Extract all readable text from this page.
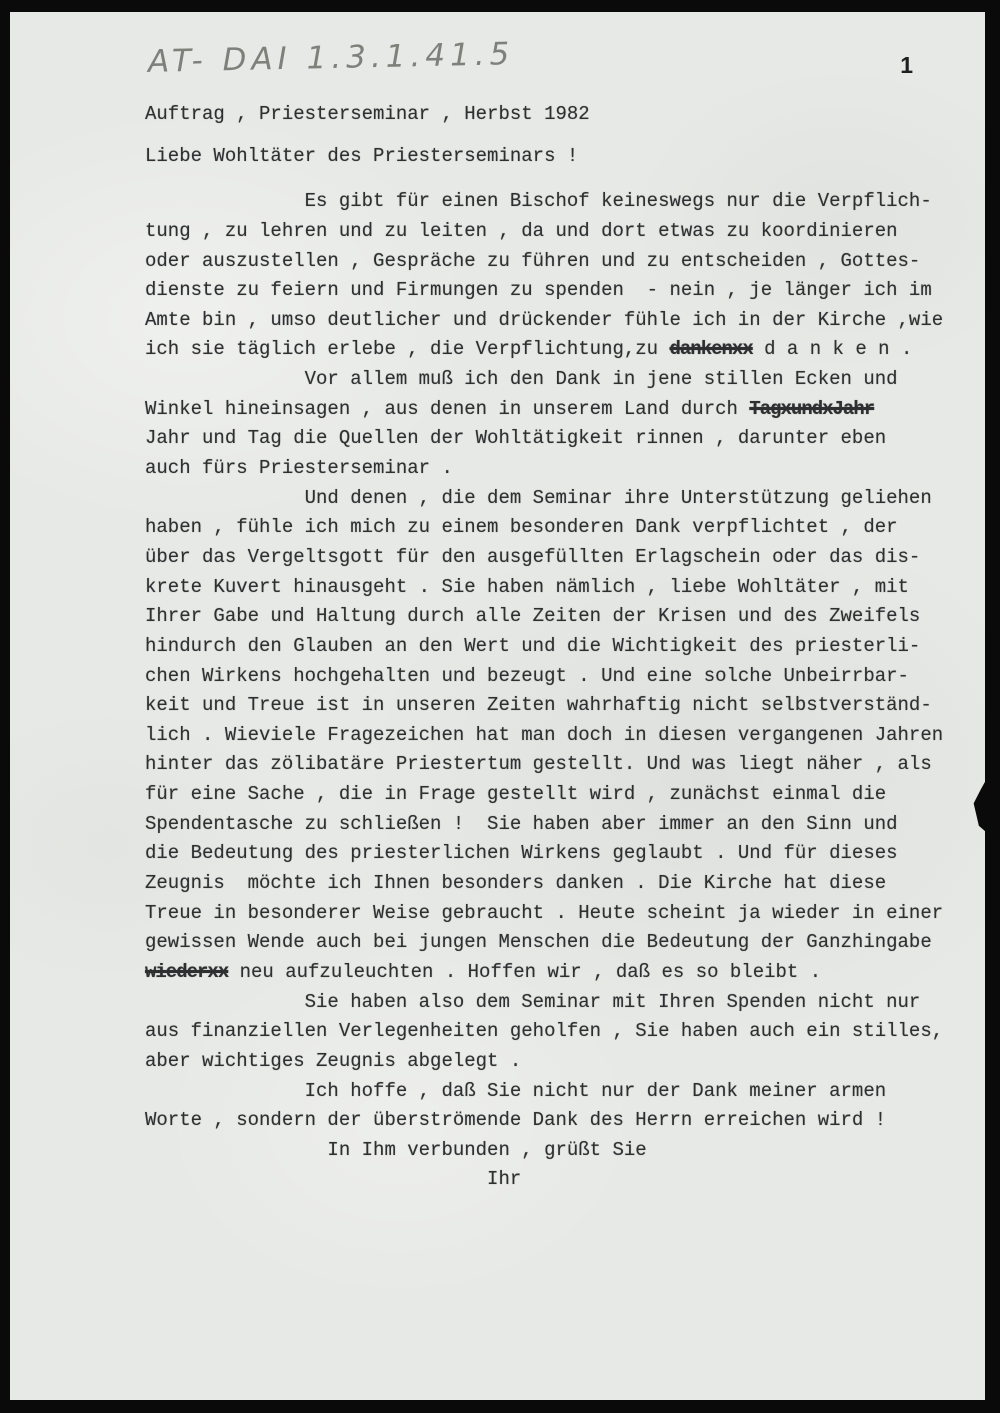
AT- DAI 1.3.1.41.5	1
Auftrag , Priesterseminar , Herbst 1982
Liebe Wohltäter des Priesterseminars !
Es gibt für einen Bischof keineswegs nur die Verpflich-
tung , zu lehren und zu leiten , da und dort etwas zu koordinieren
oder auszustellen , Gespräche zu führen und zu entscheiden , Gottes-
dienste zu feiern und Firmungen zu spenden  - nein , je länger ich im
Amte bin , umso deutlicher und drückender fühle ich in der Kirche ,wie
ich sie täglich erlebe , die Verpflichtung,zu dankenxx d a n k e n .
Vor allem muß ich den Dank in jene stillen Ecken und
Winkel hineinsagen , aus denen in unserem Land durch TagxundxJahr
Jahr und Tag die Quellen der Wohltätigkeit rinnen , darunter eben
auch fürs Priesterseminar .
Und denen , die dem Seminar ihre Unterstützung geliehen
haben , fühle ich mich zu einem besonderen Dank verpflichtet , der
über das Vergeltsgott für den ausgefüllten Erlagschein oder das dis-
krete Kuvert hinausgeht . Sie haben nämlich , liebe Wohltäter , mit
Ihrer Gabe und Haltung durch alle Zeiten der Krisen und des Zweifels
hindurch den Glauben an den Wert und die Wichtigkeit des priesterli-
chen Wirkens hochgehalten und bezeugt . Und eine solche Unbeirrbar-
keit und Treue ist in unseren Zeiten wahrhaftig nicht selbstverständ-
lich . Wieviele Fragezeichen hat man doch in diesen vergangenen Jahren
hinter das zölibatäre Priestertum gestellt. Und was liegt näher , als
für eine Sache , die in Frage gestellt wird , zunächst einmal die
Spendentasche zu schließen !  Sie haben aber immer an den Sinn und
die Bedeutung des priesterlichen Wirkens geglaubt . Und für dieses
Zeugnis  möchte ich Ihnen besonders danken . Die Kirche hat diese
Treue in besonderer Weise gebraucht . Heute scheint ja wieder in einer
gewissen Wende auch bei jungen Menschen die Bedeutung der Ganzhingabe
wiederxx neu aufzuleuchten . Hoffen wir , daß es so bleibt .
Sie haben also dem Seminar mit Ihren Spenden nicht nur
aus finanziellen Verlegenheiten geholfen , Sie haben auch ein stilles,
aber wichtiges Zeugnis abgelegt .
Ich hoffe , daß Sie nicht nur der Dank meiner armen
Worte , sondern der überströmende Dank des Herrn erreichen wird !
In Ihm verbunden , grüßt Sie
Ihr
